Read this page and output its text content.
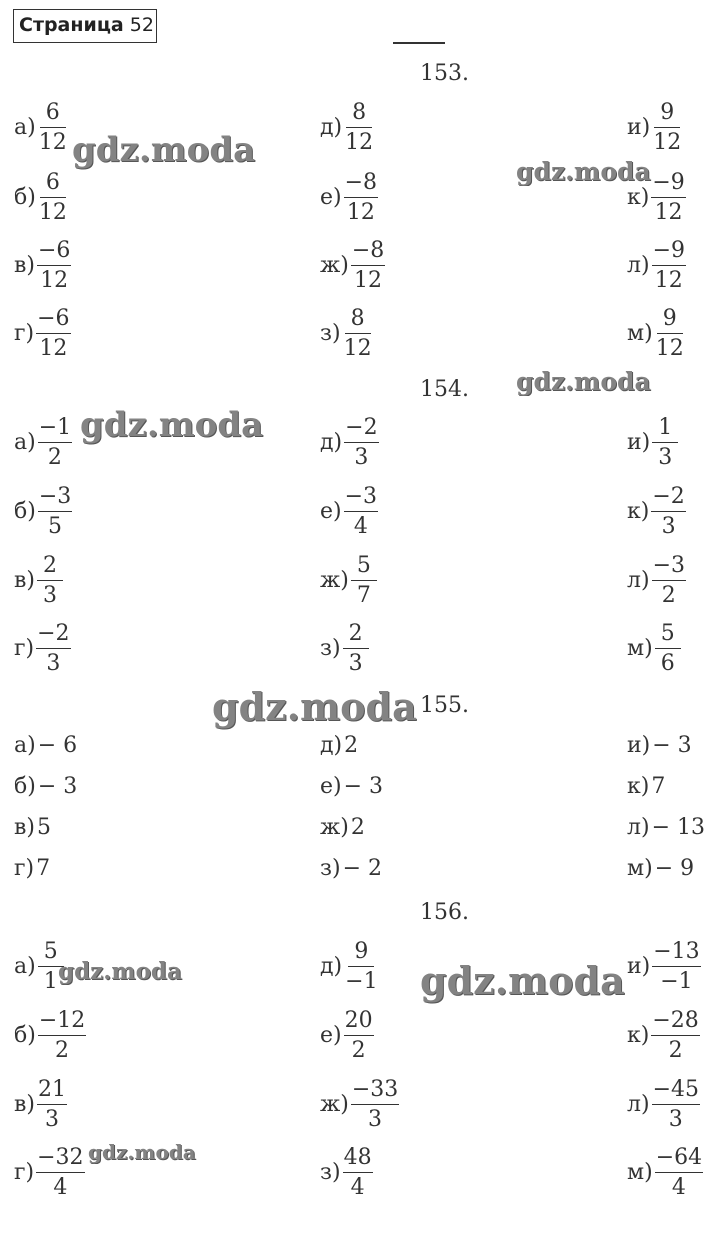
Страница 52
153.
$а) \frac{6}{12}$
$б) \frac{6}{12}$
$в) \frac{-6}{12}$
$г) \frac{-6}{12}$
$д) \frac{8}{12}$
$е) \frac{-8}{12}$
$ж) \frac{-8}{12}$
$з) \frac{8}{12}$
$и) \frac{9}{12}$
$к) \frac{-9}{12}$
$л) \frac{-9}{12}$
$м) \frac{9}{12}$
154.
$а) \frac{-1}{2}$
$б) \frac{-3}{5}$
$в) \frac{2}{3}$
$г) \frac{-2}{3}$
$д) \frac{-2}{3}$
$е) \frac{-3}{4}$
$ж) \frac{5}{7}$
$з) \frac{2}{3}$
$и) \frac{1}{3}$
$к) \frac{-2}{3}$
$л) \frac{-3}{2}$
$м) \frac{5}{6}$
155.
а) − 6
б) − 3
в) 5
г) 7
д) 2
е) − 3
ж) 2
з) − 2
и) − 3
к) 7
л) − 13
м) − 9
156.
$а) \frac{5}{1}$
$б) \frac{-12}{2}$
$в) \frac{21}{3}$
$г) \frac{-32}{4}$
$д) \frac{9}{-1}$
$е) \frac{20}{2}$
$ж) \frac{-33}{3}$
$з) \frac{48}{4}$
$и) \frac{-13}{-1}$
$к) \frac{-28}{2}$
$л) \frac{-45}{3}$
$м) \frac{-64}{4}$
gdz.moda
gdz.moda
gdz.moda
gdz.moda
gdz.moda
gdz.moda
gdz.moda
gdz.moda
